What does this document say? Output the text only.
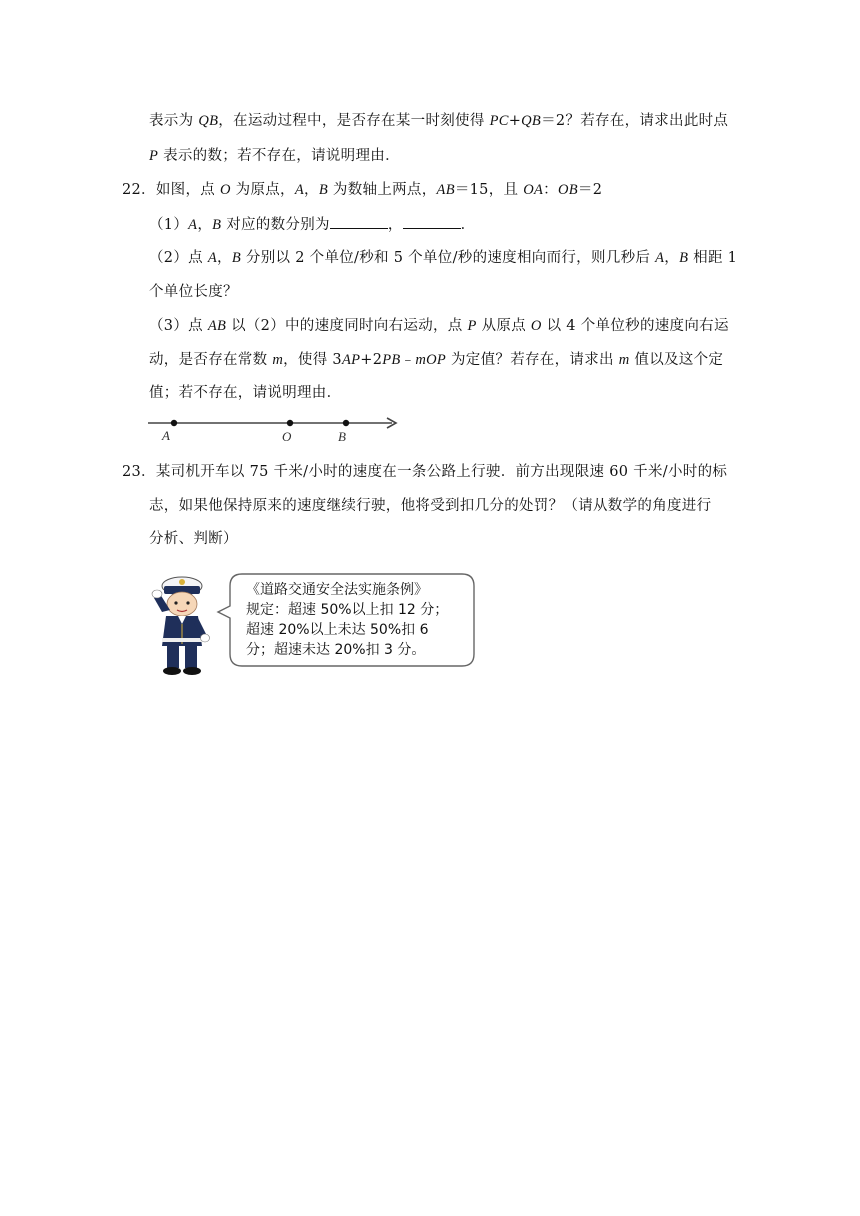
表示为 QB，在运动过程中，是否存在某一时刻使得 PC+QB＝2？若存在，请求出此时点
P 表示的数；若不存在，请说明理由．
22．如图，点 O 为原点，A，B 为数轴上两点，AB＝15，且 OA：OB＝2
（1）A，B 对应的数分别为	，	．
（2）点 A，B 分别以 2 个单位/秒和 5 个单位/秒的速度相向而行，则几秒后 A，B 相距 1
个单位长度？
（3）点 AB 以（2）中的速度同时向右运动，点 P 从原点 O 以 4 个单位秒的速度向右运
动，是否存在常数 m，使得 3AP+2PB﹣mOP 为定值？若存在，请求出 m 值以及这个定
值；若不存在，请说明理由．
A	O	B
23．某司机开车以 75 千米/小时的速度在一条公路上行驶．前方出现限速 60 千米/小时的标
志，如果他保持原来的速度继续行驶，他将受到扣几分的处罚？（请从数学的角度进行
分析、判断）
《道路交通安全法实施条例》
规定：超速 50%以上扣 12 分；
超速 20%以上未达 50%扣 6
分；超速未达 20%扣 3 分。
